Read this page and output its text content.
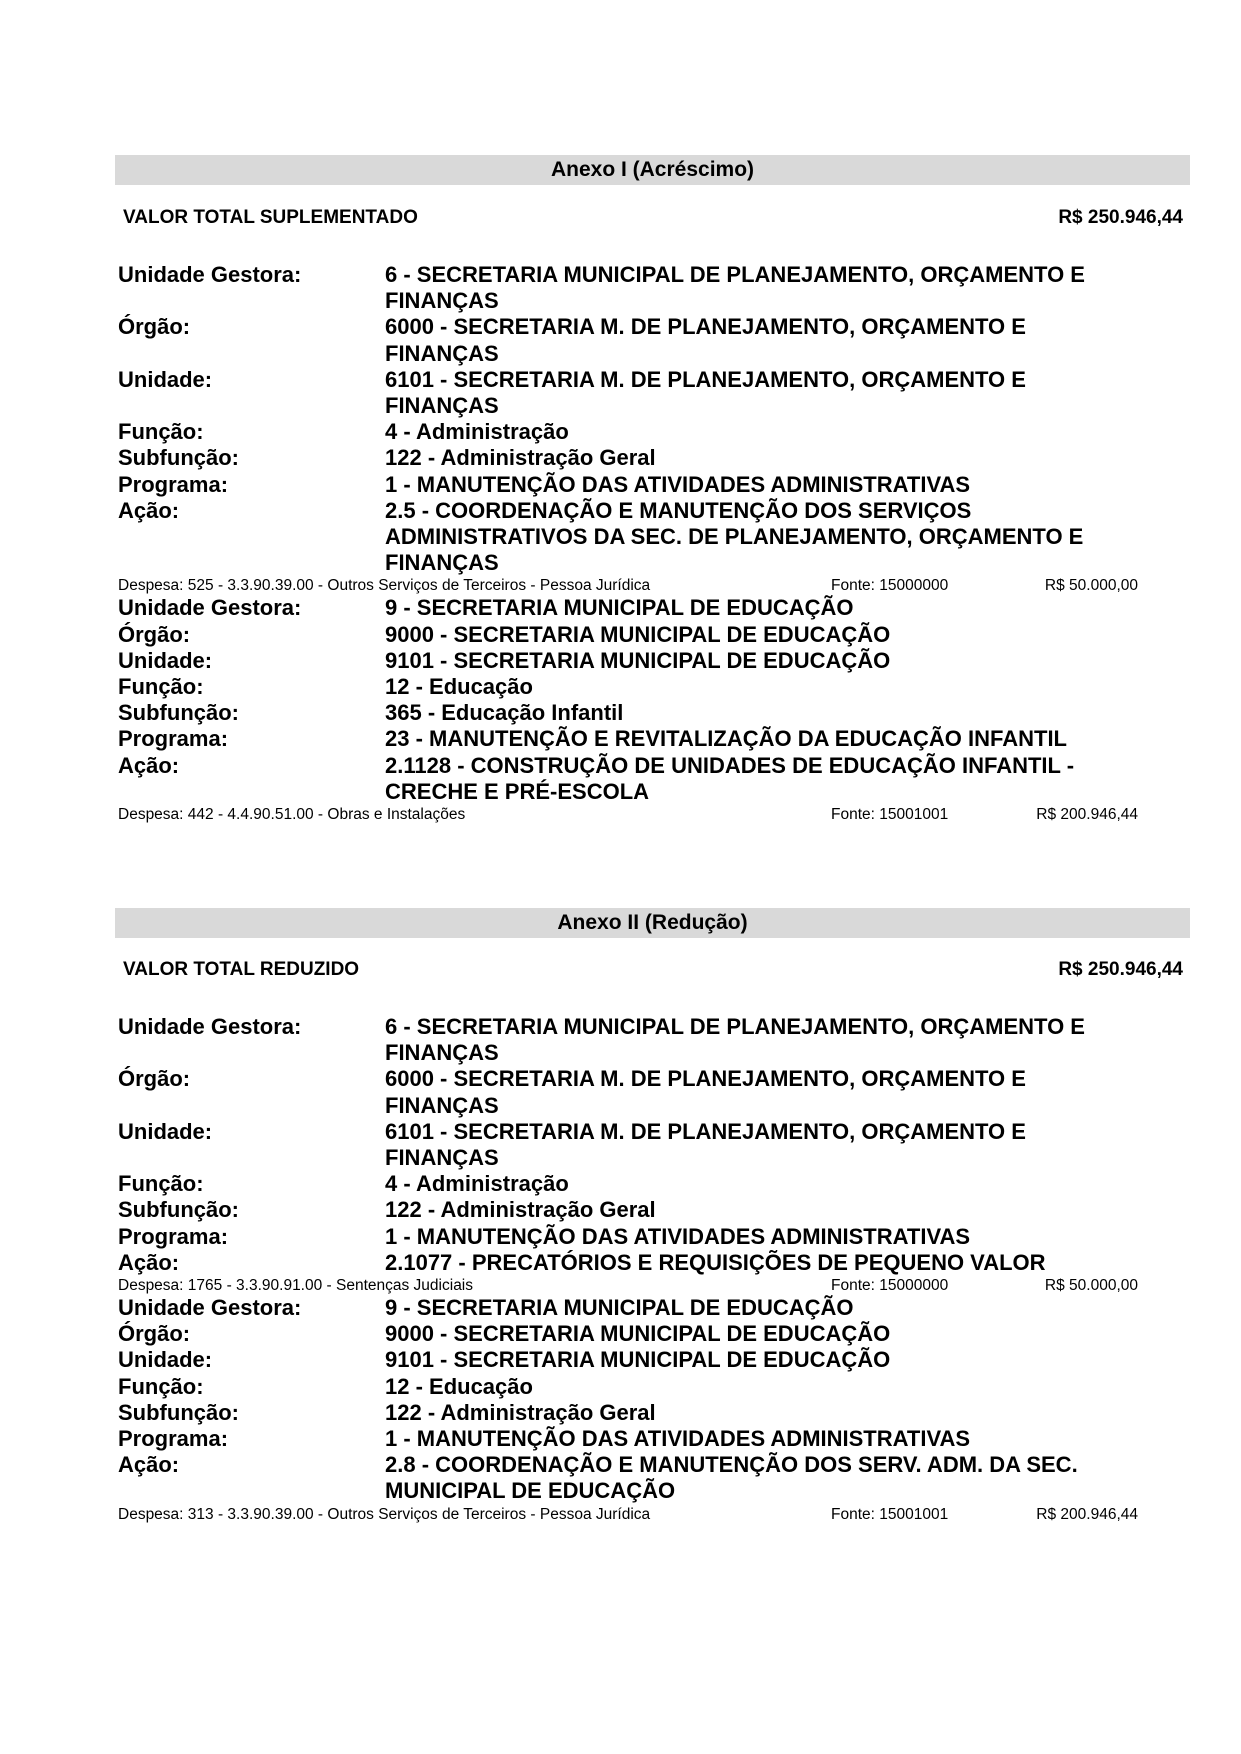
Anexo I (Acréscimo)
VALOR TOTAL SUPLEMENTADO	R$ 250.946,44
Unidade Gestora:	6 - SECRETARIA MUNICIPAL DE PLANEJAMENTO, ORÇAMENTO E FINANÇAS
Órgão:	6000 - SECRETARIA M. DE PLANEJAMENTO, ORÇAMENTO E FINANÇAS
Unidade:	6101 - SECRETARIA M. DE PLANEJAMENTO, ORÇAMENTO E FINANÇAS
Função:	4 - Administração
Subfunção:	122 - Administração Geral
Programa:	1 - MANUTENÇÃO DAS ATIVIDADES ADMINISTRATIVAS
Ação:	2.5 - COORDENAÇÃO E MANUTENÇÃO DOS SERVIÇOS ADMINISTRATIVOS DA SEC. DE PLANEJAMENTO, ORÇAMENTO E FINANÇAS
Despesa: 525 - 3.3.90.39.00 - Outros Serviços de Terceiros - Pessoa Jurídica	Fonte: 15000000	R$ 50.000,00
Unidade Gestora:	9 - SECRETARIA MUNICIPAL DE EDUCAÇÃO
Órgão:	9000 - SECRETARIA MUNICIPAL DE EDUCAÇÃO
Unidade:	9101 - SECRETARIA MUNICIPAL DE EDUCAÇÃO
Função:	12 - Educação
Subfunção:	365 - Educação Infantil
Programa:	23 - MANUTENÇÃO E REVITALIZAÇÃO DA EDUCAÇÃO INFANTIL
Ação:	2.1128 - CONSTRUÇÃO DE UNIDADES DE EDUCAÇÃO INFANTIL - CRECHE E PRÉ-ESCOLA
Despesa: 442 - 4.4.90.51.00 - Obras e Instalações	Fonte: 15001001	R$ 200.946,44
Anexo II (Redução)
VALOR TOTAL REDUZIDO	R$ 250.946,44
Unidade Gestora:	6 - SECRETARIA MUNICIPAL DE PLANEJAMENTO, ORÇAMENTO E FINANÇAS
Órgão:	6000 - SECRETARIA M. DE PLANEJAMENTO, ORÇAMENTO E FINANÇAS
Unidade:	6101 - SECRETARIA M. DE PLANEJAMENTO, ORÇAMENTO E FINANÇAS
Função:	4 - Administração
Subfunção:	122 - Administração Geral
Programa:	1 - MANUTENÇÃO DAS ATIVIDADES ADMINISTRATIVAS
Ação:	2.1077 - PRECATÓRIOS E REQUISIÇÕES DE PEQUENO VALOR
Despesa: 1765 - 3.3.90.91.00 - Sentenças Judiciais	Fonte: 15000000	R$ 50.000,00
Unidade Gestora:	9 - SECRETARIA MUNICIPAL DE EDUCAÇÃO
Órgão:	9000 - SECRETARIA MUNICIPAL DE EDUCAÇÃO
Unidade:	9101 - SECRETARIA MUNICIPAL DE EDUCAÇÃO
Função:	12 - Educação
Subfunção:	122 - Administração Geral
Programa:	1 - MANUTENÇÃO DAS ATIVIDADES ADMINISTRATIVAS
Ação:	2.8 - COORDENAÇÃO E MANUTENÇÃO DOS SERV. ADM. DA SEC. MUNICIPAL DE EDUCAÇÃO
Despesa: 313 - 3.3.90.39.00 - Outros Serviços de Terceiros - Pessoa Jurídica	Fonte: 15001001	R$ 200.946,44
